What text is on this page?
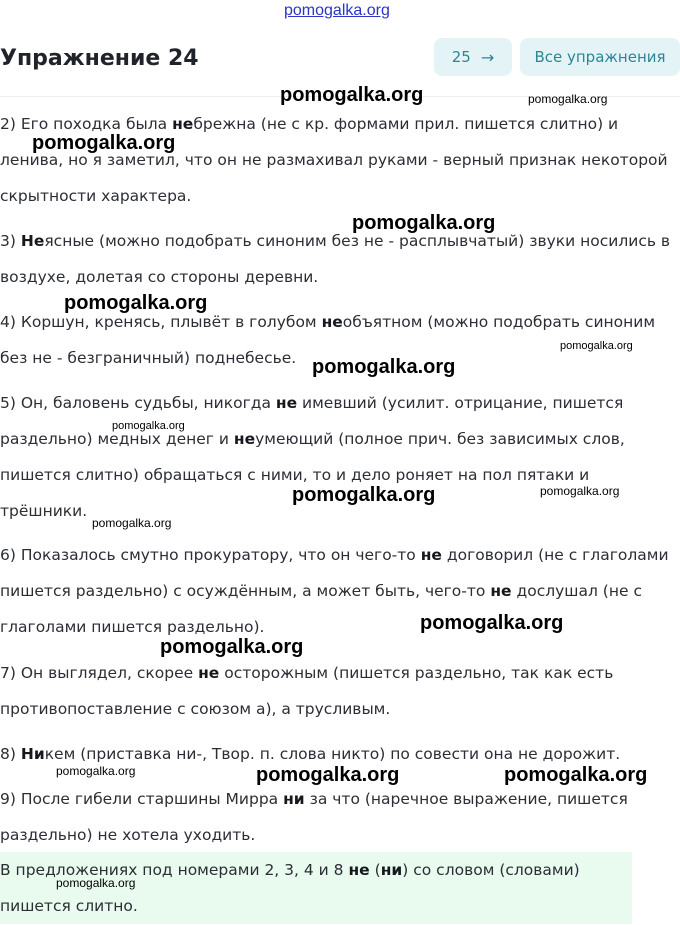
pomogalka.org
Упражнение 24	25 →	Все упражнения
2) Его походка была небрежна (не с кр. формами прил. пишется слитно) и ленива, но я заметил, что он не размахивал руками - верный признак некоторой скрытности характера.
3) Неясные (можно подобрать синоним без не - расплывчатый) звуки носились в воздухе, долетая со стороны деревни.
4) Коршун, кренясь, плывёт в голубом необъятном (можно подобрать синоним без не - безграничный) поднебесье.
5) Он, баловень судьбы, никогда не имевший (усилит. отрицание, пишется раздельно) медных денег и неумеющий (полное прич. без зависимых слов, пишется слитно) обращаться с ними, то и дело роняет на пол пятаки и трёшники.
6) Показалось смутно прокуратору, что он чего-то не договорил (не с глаголами пишется раздельно) с осуждённым, а может быть, чего-то не дослушал (не с глаголами пишется раздельно).
7) Он выглядел, скорее не осторожным (пишется раздельно, так как есть противопоставление с союзом а), а трусливым.
8) Никем (приставка ни-, Твор. п. слова никто) по совести она не дорожит.
9) После гибели старшины Мирра ни за что (наречное выражение, пишется раздельно) не хотела уходить.
В предложениях под номерами 2, 3, 4 и 8 не (ни) со словом (словами) пишется слитно.
pomogalka.org	pomogalka.org
pomogalka.org
pomogalka.org
pomogalka.org
pomogalka.org
pomogalka.org
pomogalka.org
pomogalka.org	pomogalka.org
pomogalka.org
pomogalka.org
pomogalka.org
pomogalka.org	pomogalka.org	pomogalka.org
pomogalka.org
